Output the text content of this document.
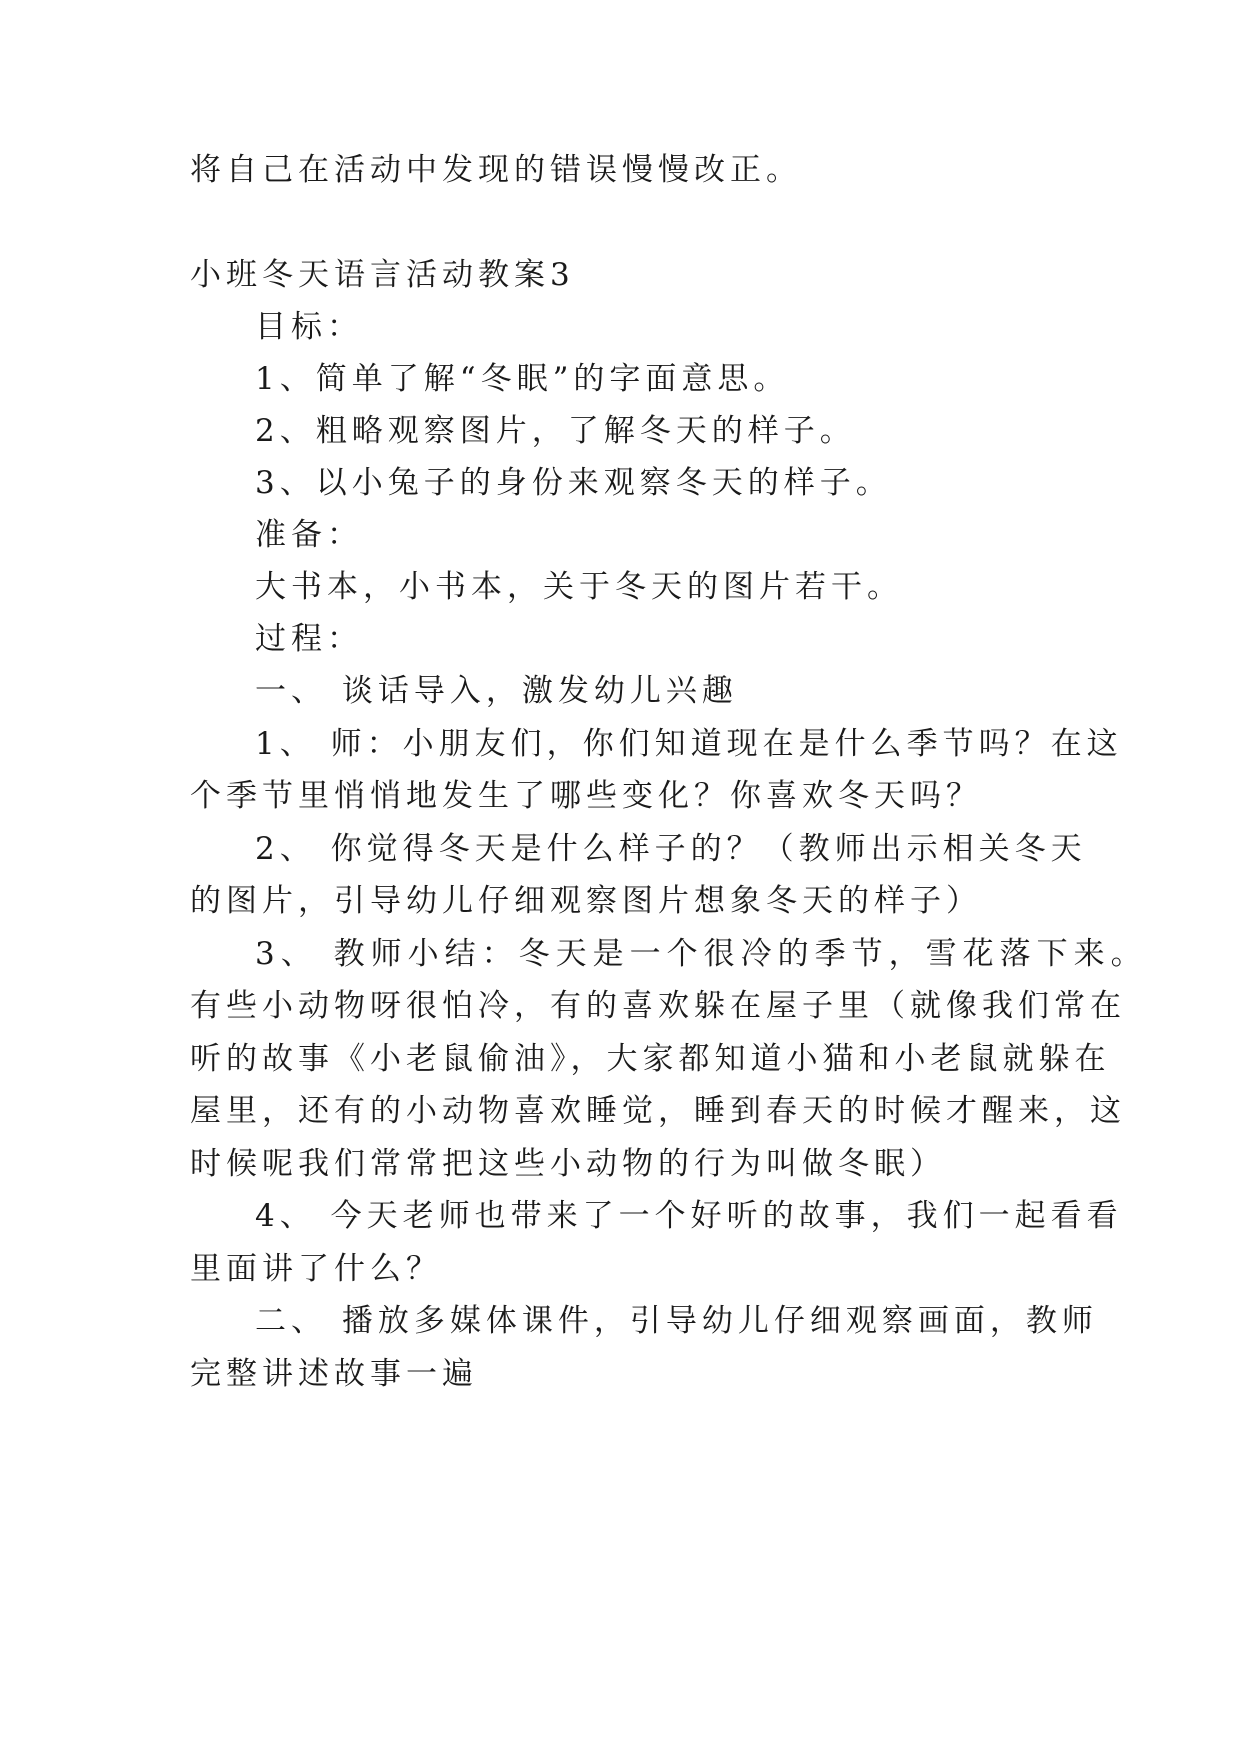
将自己在活动中发现的错误慢慢改正。
小班冬天语言活动教案3
目标：
1、简单了解“冬眠”的字面意思。
2、粗略观察图片，了解冬天的样子。
3、以小兔子的身份来观察冬天的样子。
准备：
大书本，小书本，关于冬天的图片若干。
过程：
一、 谈话导入，激发幼儿兴趣
1、 师：小朋友们，你们知道现在是什么季节吗？在这
个季节里悄悄地发生了哪些变化？你喜欢冬天吗？
2、 你觉得冬天是什么样子的？（教师出示相关冬天
的图片，引导幼儿仔细观察图片想象冬天的样子）
3、 教师小结：冬天是一个很冷的季节，雪花落下来。
有些小动物呀很怕冷，有的喜欢躲在屋子里（就像我们常在
听的故事《小老鼠偷油》，大家都知道小猫和小老鼠就躲在
屋里，还有的小动物喜欢睡觉，睡到春天的时候才醒来，这
时候呢我们常常把这些小动物的行为叫做冬眠）
4、 今天老师也带来了一个好听的故事，我们一起看看
里面讲了什么？
二、 播放多媒体课件，引导幼儿仔细观察画面，教师
完整讲述故事一遍
